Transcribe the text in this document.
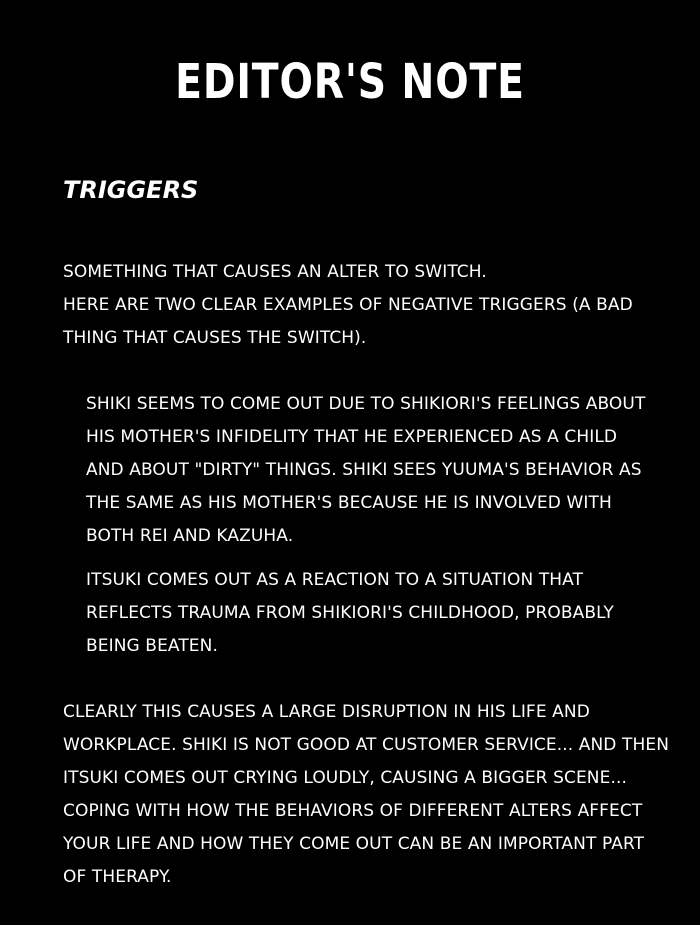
EDITOR'S NOTE
TRIGGERS
SOMETHING THAT CAUSES AN ALTER TO SWITCH.
HERE ARE TWO CLEAR EXAMPLES OF NEGATIVE TRIGGERS (A BAD
THING THAT CAUSES THE SWITCH).
SHIKI SEEMS TO COME OUT DUE TO SHIKIORI'S FEELINGS ABOUT
HIS MOTHER'S INFIDELITY THAT HE EXPERIENCED AS A CHILD
AND ABOUT "DIRTY" THINGS. SHIKI SEES YUUMA'S BEHAVIOR AS
THE SAME AS HIS MOTHER'S BECAUSE HE IS INVOLVED WITH
BOTH REI AND KAZUHA.
ITSUKI COMES OUT AS A REACTION TO A SITUATION THAT
REFLECTS TRAUMA FROM SHIKIORI'S CHILDHOOD, PROBABLY
BEING BEATEN.
CLEARLY THIS CAUSES A LARGE DISRUPTION IN HIS LIFE AND
WORKPLACE. SHIKI IS NOT GOOD AT CUSTOMER SERVICE... AND THEN
ITSUKI COMES OUT CRYING LOUDLY, CAUSING A BIGGER SCENE...
COPING WITH HOW THE BEHAVIORS OF DIFFERENT ALTERS AFFECT
YOUR LIFE AND HOW THEY COME OUT CAN BE AN IMPORTANT PART
OF THERAPY.
